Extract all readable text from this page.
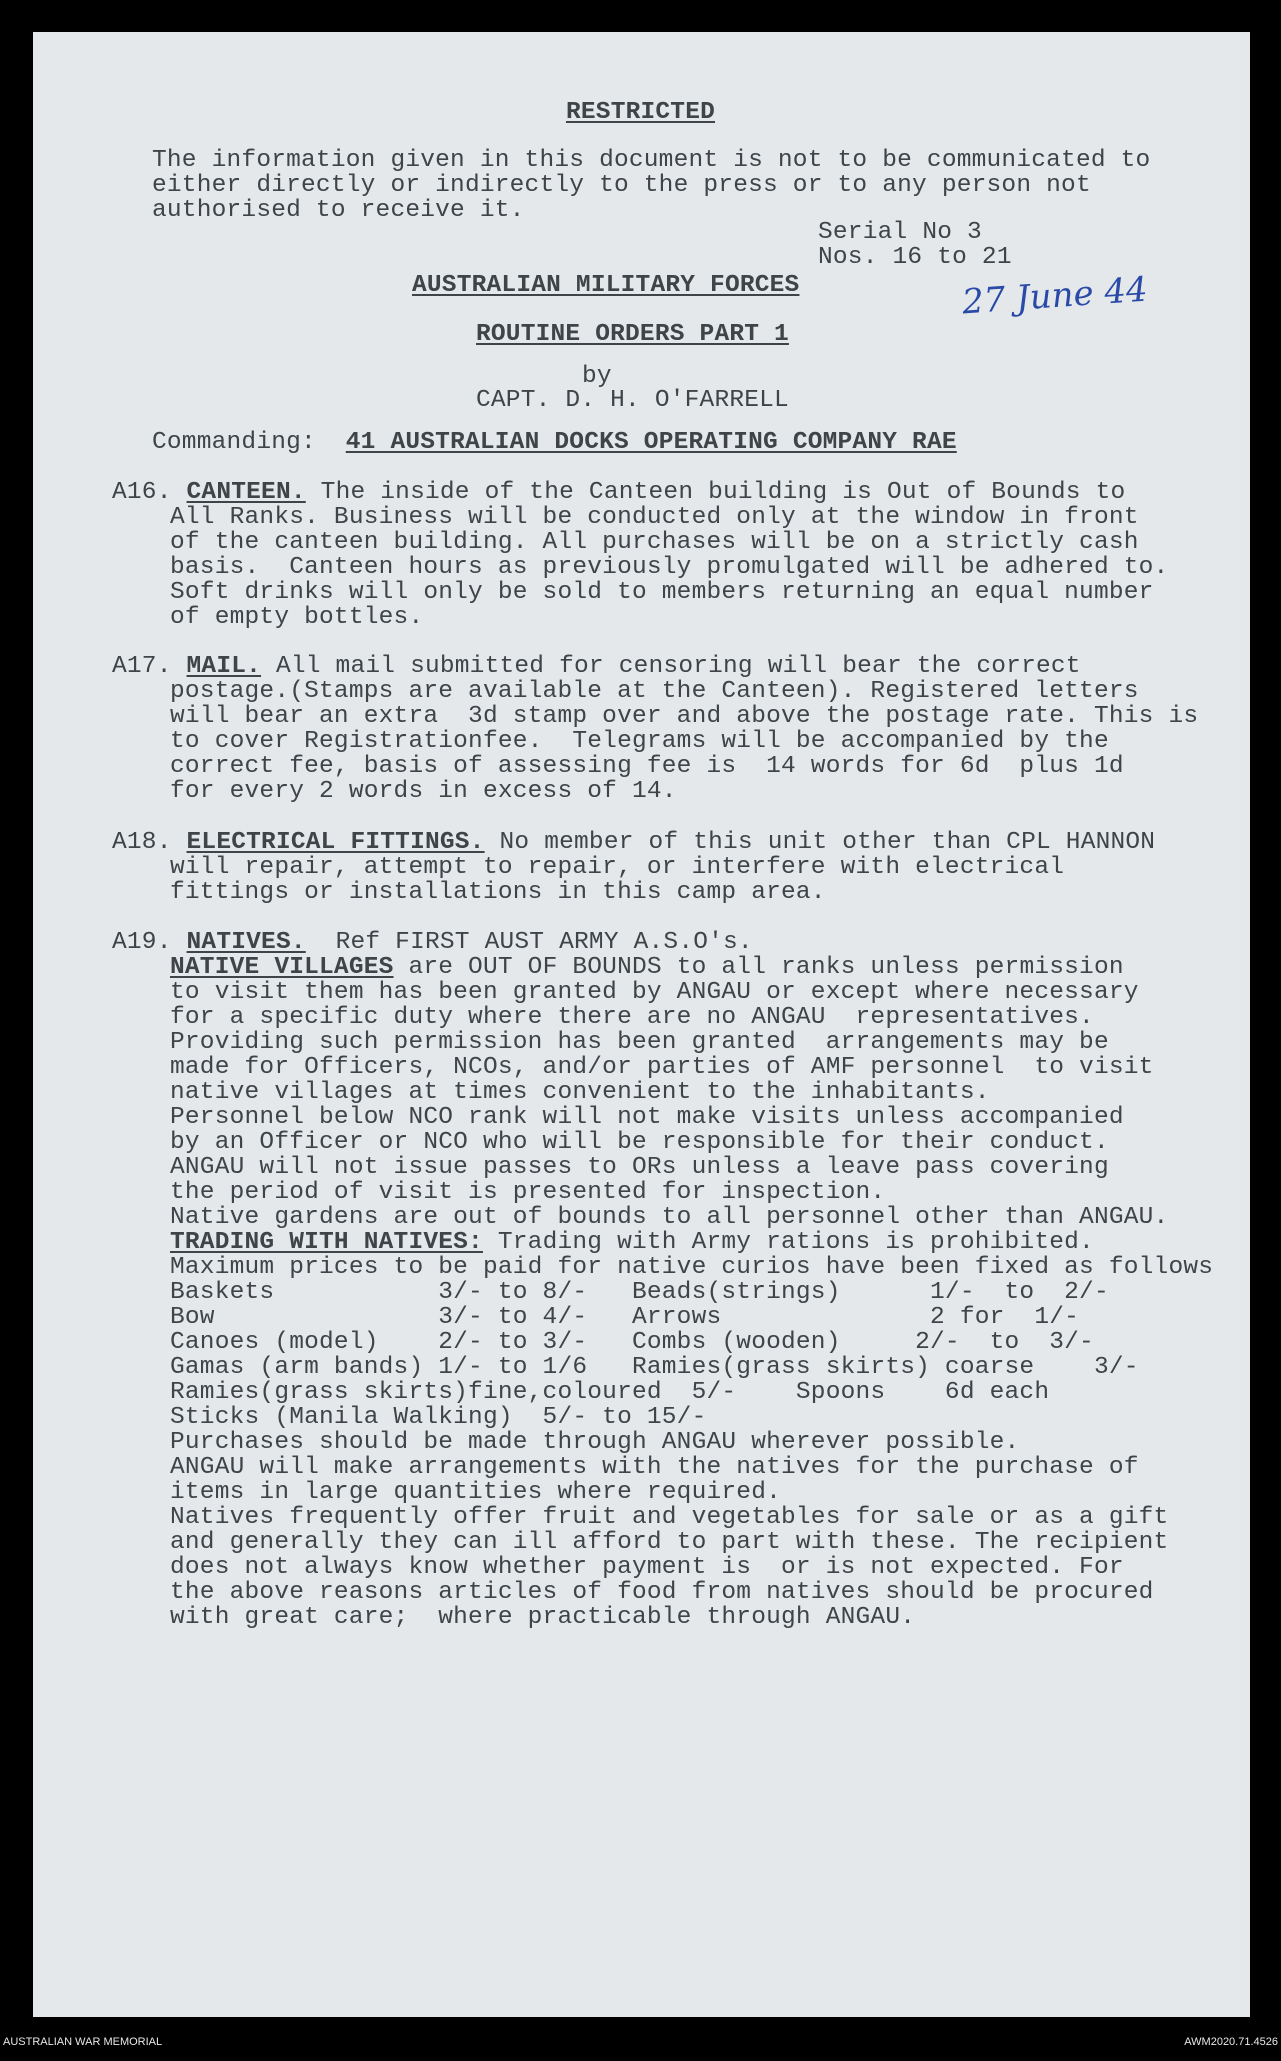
RESTRICTED
The information given in this document is not to be communicated to
either directly or indirectly to the press or to any person not
authorised to receive it.
Serial No 3
Nos. 16 to 21
27 June 44
AUSTRALIAN MILITARY FORCES
ROUTINE ORDERS PART 1
by
CAPT. D. H. O'FARRELL
Commanding: 41 AUSTRALIAN DOCKS OPERATING COMPANY RAE
A16. CANTEEN. The inside of the Canteen building is Out of Bounds to
All Ranks. Business will be conducted only at the window in front
of the canteen building. All purchases will be on a strictly cash
basis.  Canteen hours as previously promulgated will be adhered to.
Soft drinks will only be sold to members returning an equal number
of empty bottles.
A17. MAIL. All mail submitted for censoring will bear the correct
postage.(Stamps are available at the Canteen). Registered letters
will bear an extra  3d stamp over and above the postage rate. This is
to cover Registrationfee.  Telegrams will be accompanied by the
correct fee, basis of assessing fee is  14 words for 6d  plus 1d
for every 2 words in excess of 14.
A18. ELECTRICAL FITTINGS. No member of this unit other than CPL HANNON
will repair, attempt to repair, or interfere with electrical
fittings or installations in this camp area.
A19. NATIVES.  Ref FIRST AUST ARMY A.S.O's.
NATIVE VILLAGES are OUT OF BOUNDS to all ranks unless permission
to visit them has been granted by ANGAU or except where necessary
for a specific duty where there are no ANGAU  representatives.
Providing such permission has been granted  arrangements may be
made for Officers, NCOs, and/or parties of AMF personnel  to visit
native villages at times convenient to the inhabitants.
Personnel below NCO rank will not make visits unless accompanied
by an Officer or NCO who will be responsible for their conduct.
ANGAU will not issue passes to ORs unless a leave pass covering
the period of visit is presented for inspection.
Native gardens are out of bounds to all personnel other than ANGAU.
TRADING WITH NATIVES: Trading with Army rations is prohibited.
Maximum prices to be paid for native curios have been fixed as follows
Baskets           3/- to 8/-   Beads(strings)      1/-  to  2/-
Bow               3/- to 4/-   Arrows              2 for  1/-
Canoes (model)    2/- to 3/-   Combs (wooden)     2/-  to  3/-
Gamas (arm bands) 1/- to 1/6   Ramies(grass skirts) coarse    3/-
Ramies(grass skirts)fine,coloured  5/-    Spoons    6d each
Sticks (Manila Walking)  5/- to 15/-
Purchases should be made through ANGAU wherever possible.
ANGAU will make arrangements with the natives for the purchase of
items in large quantities where required.
Natives frequently offer fruit and vegetables for sale or as a gift
and generally they can ill afford to part with these. The recipient
does not always know whether payment is  or is not expected. For
the above reasons articles of food from natives should be procured
with great care;  where practicable through ANGAU.
AUSTRALIAN WAR MEMORIAL	AWM2020.71.4526
